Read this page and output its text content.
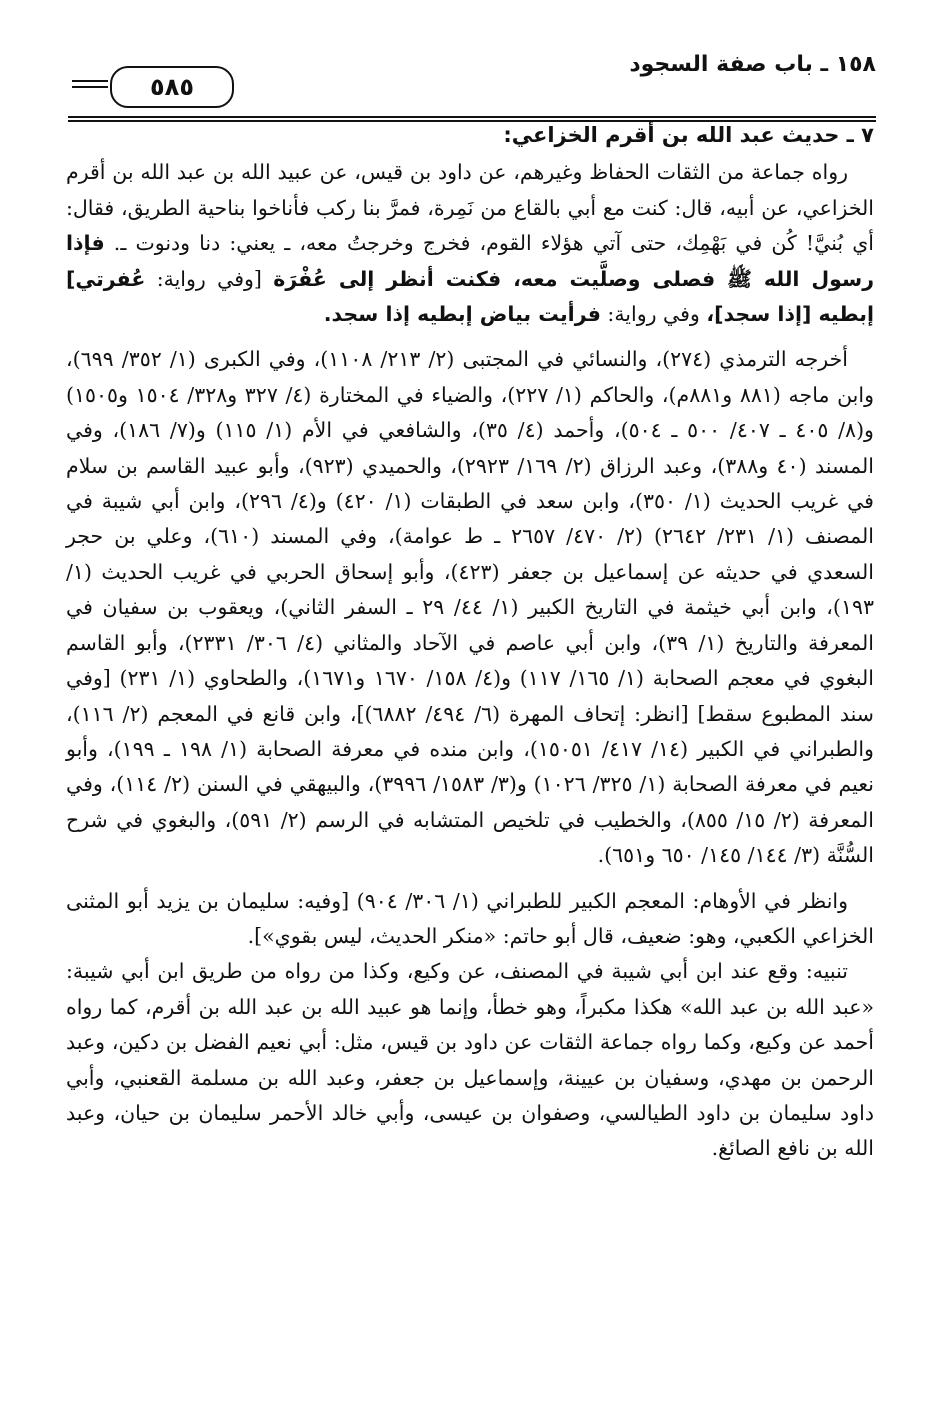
١٥٨ ـ باب صفة السجود
٥٨٥

٧ ـ حديث عبد الله بن أقرم الخزاعي:

رواه جماعة من الثقات الحفاظ وغيرهم، عن داود بن قيس، عن عبيد الله بن عبد الله بن أقرم الخزاعي، عن أبيه، قال: كنت مع أبي بالقاع من نَمِرة، فمرَّ بنا ركب فأناخوا بناحية الطريق، فقال: أي بُنيَّ! كُن في بَهْمِك، حتى آتي هؤلاء القوم، فخرج وخرجتُ معه، ـ يعني: دنا ودنوت ـ. فإذا رسول الله ﷺ فصلى وصلَّيت معه، فكنت أنظر إلى عُفْرَة [وفي رواية: عُفرتي] إبطيه [إذا سجد]، وفي رواية: فرأيت بياض إبطيه إذا سجد.

أخرجه الترمذي (٢٧٤)، والنسائي في المجتبى (٢/ ٢١٣/ ١١٠٨)، وفي الكبرى (١/ ٣٥٢/ ٦٩٩)، وابن ماجه (٨٨١ و٨٨١م)، والحاكم (١/ ٢٢٧)، والضياء في المختارة (٤/ ٣٢٧ و٣٢٨/ ١٥٠٤ و١٥٠٥) و(٨/ ٤٠٥ ـ ٤٠٧/ ٥٠٠ ـ ٥٠٤)، وأحمد (٤/ ٣٥)، والشافعي في الأم (١/ ١١٥) و(٧/ ١٨٦)، وفي المسند (٤٠ و٣٨٨)، وعبد الرزاق (٢/ ١٦٩/ ٢٩٢٣)، والحميدي (٩٢٣)، وأبو عبيد القاسم بن سلام في غريب الحديث (١/ ٣٥٠)، وابن سعد في الطبقات (١/ ٤٢٠) و(٤/ ٢٩٦)، وابن أبي شيبة في المصنف (١/ ٢٣١/ ٢٦٤٢) (٢/ ٤٧٠/ ٢٦٥٧ ـ ط عوامة)، وفي المسند (٦١٠)، وعلي بن حجر السعدي في حديثه عن إسماعيل بن جعفر (٤٢٣)، وأبو إسحاق الحربي في غريب الحديث (١/ ١٩٣)، وابن أبي خيثمة في التاريخ الكبير (١/ ٤٤/ ٢٩ ـ السفر الثاني)، ويعقوب بن سفيان في المعرفة والتاريخ (١/ ٣٩)، وابن أبي عاصم في الآحاد والمثاني (٤/ ٣٠٦/ ٢٣٣١)، وأبو القاسم البغوي في معجم الصحابة (١/ ١٦٥/ ١١٧) و(٤/ ١٥٨/ ١٦٧٠ و١٦٧١)، والطحاوي (١/ ٢٣١) [وفي سند المطبوع سقط] [انظر: إتحاف المهرة (٦/ ٤٩٤/ ٦٨٨٢)]، وابن قانع في المعجم (٢/ ١١٦)، والطبراني في الكبير (١٤/ ٤١٧/ ١٥٠٥١)، وابن منده في معرفة الصحابة (١/ ١٩٨ ـ ١٩٩)، وأبو نعيم في معرفة الصحابة (١/ ٣٢٥/ ١٠٢٦) و(٣/ ١٥٨٣/ ٣٩٩٦)، والبيهقي في السنن (٢/ ١١٤)، وفي المعرفة (٢/ ١٥/ ٨٥٥)، والخطيب في تلخيص المتشابه في الرسم (٢/ ٥٩١)، والبغوي في شرح السُّنَّة (٣/ ١٤٤/ ١٤٥/ ٦٥٠ و٦٥١).

وانظر في الأوهام: المعجم الكبير للطبراني (١/ ٣٠٦/ ٩٠٤) [وفيه: سليمان بن يزيد أبو المثنى الخزاعي الكعبي، وهو: ضعيف، قال أبو حاتم: «منكر الحديث، ليس بقوي»].

تنبيه: وقع عند ابن أبي شيبة في المصنف، عن وكيع، وكذا من رواه من طريق ابن أبي شيبة: «عبد الله بن عبد الله» هكذا مكبراً، وهو خطأ، وإنما هو عبيد الله بن عبد الله بن أقرم، كما رواه أحمد عن وكيع، وكما رواه جماعة الثقات عن داود بن قيس، مثل: أبي نعيم الفضل بن دكين، وعبد الرحمن بن مهدي، وسفيان بن عيينة، وإسماعيل بن جعفر، وعبد الله بن مسلمة القعنبي، وأبي داود سليمان بن داود الطيالسي، وصفوان بن عيسى، وأبي خالد الأحمر سليمان بن حيان، وعبد الله بن نافع الصائغ.
